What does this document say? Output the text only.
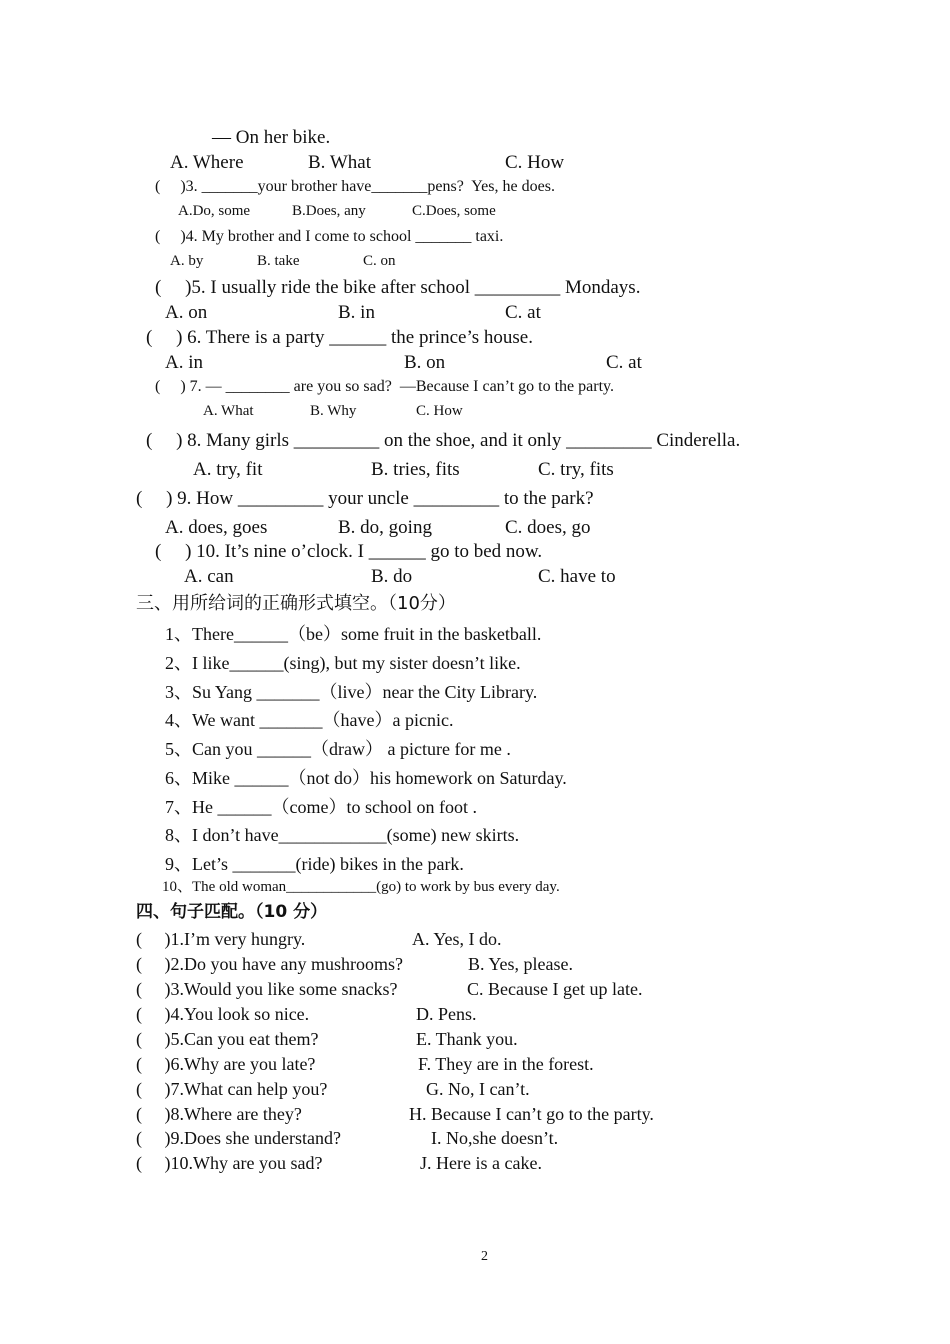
— On her bike.
A. Where	B. What	C. How
(     )3. _______your brother have_______pens?  Yes, he does.
A.Do, some	B.Does, any	C.Does, some
(     )4. My brother and I come to school _______ taxi.
A. by	B. take	C. on
(     )5. I usually ride the bike after school _________ Mondays.
A. on	B. in	C. at
(     ) 6. There is a party ______ the prince’s house.
A. in	B. on	C. at
(     ) 7. — ________ are you so sad?  —Because I can’t go to the party.
A. What	B. Why	C. How
(     ) 8. Many girls _________ on the shoe, and it only _________ Cinderella.
A. try, fit	B. tries, fits	C. try, fits
(     ) 9. How _________ your uncle _________ to the park?
A. does, goes	B. do, going	C. does, go
(     ) 10. It’s nine o’clock. I ______ go to bed now.
A. can	B. do	C. have to
三、用所给词的正确形式填空。（10分）
1、There______（be）some fruit in the basketball.
2、I like______(sing), but my sister doesn’t like.
3、Su Yang _______（live）near the City Library.
4、We want _______（have）a picnic.
5、Can you ______（draw） a picture for me .
6、Mike ______（not do）his homework on Saturday.
7、He ______（come）to school on foot .
8、I don’t have____________(some) new skirts.
9、Let’s _______(ride) bikes in the park.
10、The old woman____________(go) to work by bus every day.
四、句子匹配。（10 分）
(     )1.I’m very hungry.	A. Yes, I do.
(     )2.Do you have any mushrooms?	B. Yes, please.
(     )3.Would you like some snacks?	C. Because I get up late.
(     )4.You look so nice.	D. Pens.
(     )5.Can you eat them?	E. Thank you.
(     )6.Why are you late?	F. They are in the forest.
(     )7.What can help you?	G. No, I can’t.
(     )8.Where are they?	H. Because I can’t go to the party.
(     )9.Does she understand?	I. No,she doesn’t.
(     )10.Why are you sad?	J. Here is a cake.
2
